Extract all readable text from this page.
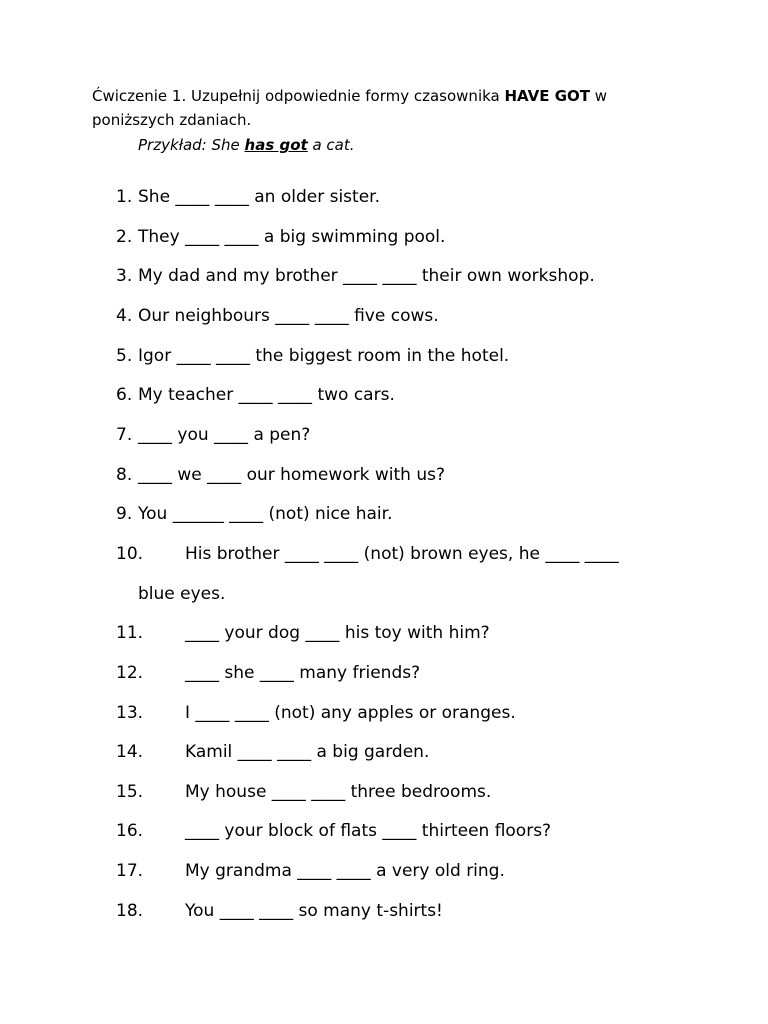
Ćwiczenie 1. Uzupełnij odpowiednie formy czasownika HAVE GOT w poniższych zdaniach.

Przykład: She has got a cat.

1. She ____ ____ an older sister.
2. They ____ ____ a big swimming pool.
3. My dad and my brother ____ ____ their own workshop.
4. Our neighbours ____ ____ five cows.
5. Igor ____ ____ the biggest room in the hotel.
6. My teacher ____ ____ two cars.
7. ____ you ____ a pen?
8. ____ we ____ our homework with us?
9. You ______ ____ (not) nice hair.
10. His brother ____ ____ (not) brown eyes, he ____ ____
blue eyes.
11. ____ your dog ____ his toy with him?
12. ____ she ____ many friends?
13. I ____ ____ (not) any apples or oranges.
14. Kamil ____ ____ a big garden.
15. My house ____ ____ three bedrooms.
16. ____ your block of flats ____ thirteen floors?
17. My grandma ____ ____ a very old ring.
18. You ____ ____ so many t-shirts!
